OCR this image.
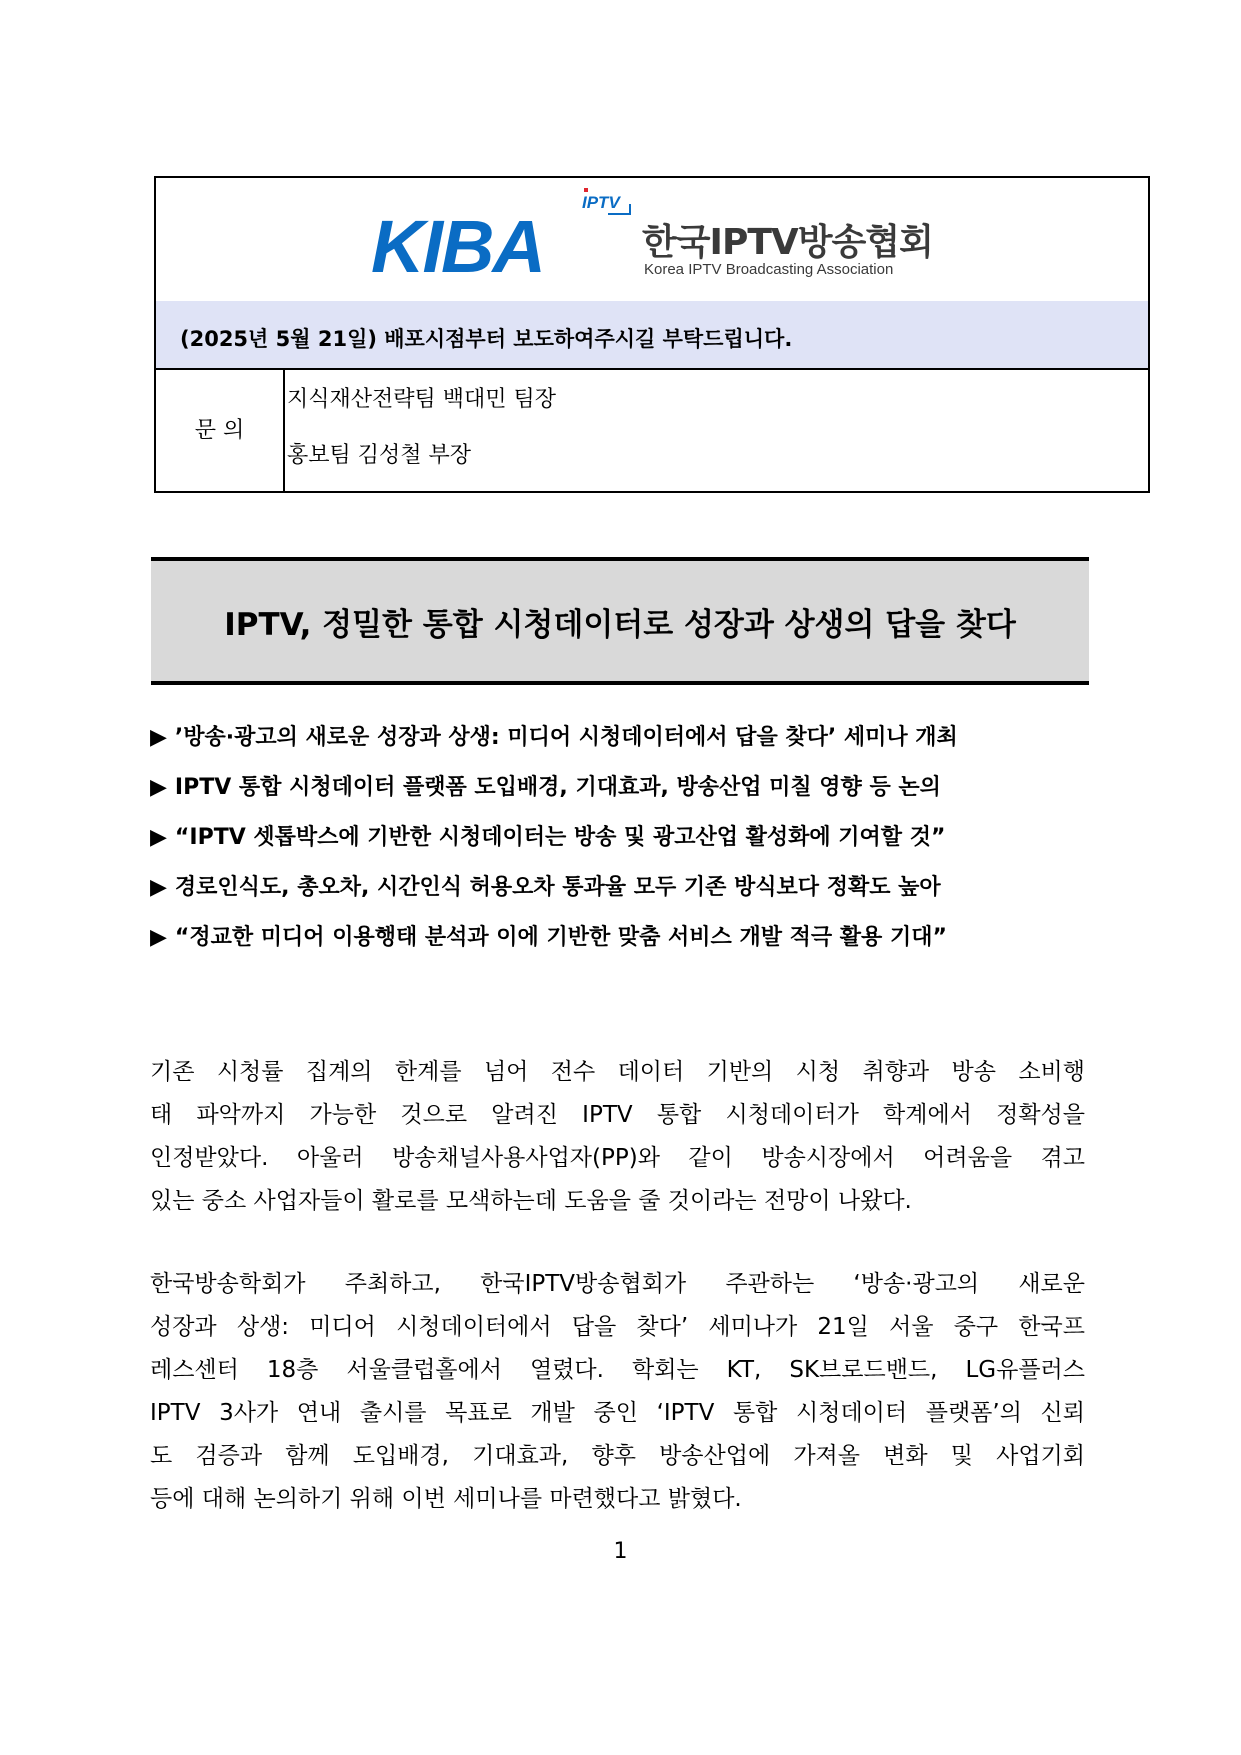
KIBA
IPTV
한국IPTV방송협회
Korea IPTV Broadcasting Association
(2025년 5월 21일) 배포시점부터 보도하여주시길 부탁드립니다.
문 의
지식재산전략팀 백대민 팀장
홍보팀 김성철 부장
IPTV, 정밀한 통합 시청데이터로 성장과 상생의 답을 찾다
▶ ’방송·광고의 새로운 성장과 상생: 미디어 시청데이터에서 답을 찾다’ 세미나 개최
▶ IPTV 통합 시청데이터 플랫폼 도입배경, 기대효과, 방송산업 미칠 영향 등 논의
▶ “IPTV 셋톱박스에 기반한 시청데이터는 방송 및 광고산업 활성화에 기여할 것”
▶ 경로인식도, 총오차, 시간인식 허용오차 통과율 모두 기존 방식보다 정확도 높아
▶ “정교한 미디어 이용행태 분석과 이에 기반한 맞춤 서비스 개발 적극 활용 기대”
기존 시청률 집계의 한계를 넘어 전수 데이터 기반의 시청 취향과 방송 소비행
태 파악까지 가능한 것으로 알려진 IPTV 통합 시청데이터가 학계에서 정확성을
인정받았다. 아울러 방송채널사용사업자(PP)와 같이 방송시장에서 어려움을 겪고
있는 중소 사업자들이 활로를 모색하는데 도움을 줄 것이라는 전망이 나왔다.
한국방송학회가 주최하고, 한국IPTV방송협회가 주관하는 ‘방송·광고의 새로운
성장과 상생: 미디어 시청데이터에서 답을 찾다’ 세미나가 21일 서울 중구 한국프
레스센터 18층 서울클럽홀에서 열렸다. 학회는 KT, SK브로드밴드, LG유플러스
IPTV 3사가 연내 출시를 목표로 개발 중인 ‘IPTV 통합 시청데이터 플랫폼’의 신뢰
도 검증과 함께 도입배경, 기대효과, 향후 방송산업에 가져올 변화 및 사업기회
등에 대해 논의하기 위해 이번 세미나를 마련했다고 밝혔다.
1
